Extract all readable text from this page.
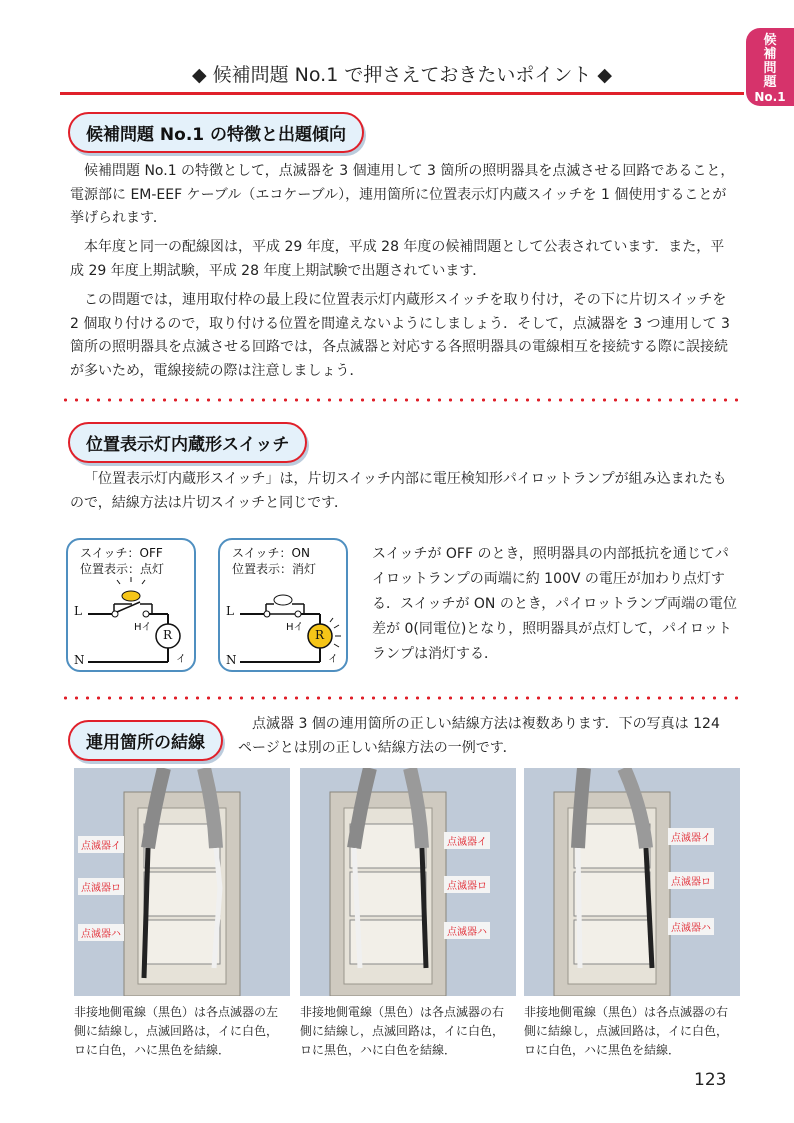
候
補
問
題
No.1
◆ 候補問題 No.1 で押さえておきたいポイント ◆
候補問題 No.1 の特徴と出題傾向

候補問題 No.1 の特徴として，点滅器を 3 個連用して 3 箇所の照明器具を点滅させる回路であること，電源部に EM-EEF ケーブル（エコケーブル），連用箇所に位置表示灯内蔵スイッチを 1 個使用することが挙げられます．

本年度と同一の配線図は，平成 29 年度，平成 28 年度の候補問題として公表されています．また，平成 29 年度上期試験，平成 28 年度上期試験で出題されています．

この問題では，連用取付枠の最上段に位置表示灯内蔵形スイッチを取り付け，その下に片切スイッチを 2 個取り付けるので，取り付ける位置を間違えないようにしましょう．そして，点滅器を 3 つ連用して 3 箇所の照明器具を点滅させる回路では，各点滅器と対応する各照明器具の電線相互を接続する際に誤接続が多いため，電線接続の際は注意しましょう．

位置表示灯内蔵形スイッチ

「位置表示灯内蔵形スイッチ」は，片切スイッチ内部に電圧検知形パイロットランプが組み込まれたもので，結線方法は片切スイッチと同じです．

スイッチ：OFF
位置表示：点灯
L
N
Hイ
R
イ
スイッチ：ON
位置表示：消灯
L
N
Hイ
R
イ

スイッチが OFF のとき，照明器具の内部抵抗を通じてパイロットランプの両端に約 100V の電圧が加わり点灯する．スイッチが ON のとき，パイロットランプ両端の電位差が 0(同電位)となり，照明器具が点灯して，パイロットランプは消灯する．

連用箇所の結線

点滅器 3 個の連用箇所の正しい結線方法は複数あります．下の写真は 124 ページとは別の正しい結線方法の一例です．

点滅器イ
点滅器ロ
点滅器ハ

非接地側電線（黒色）は各点滅器の左側に結線し，点滅回路は，イに白色，ロに白色，ハに黒色を結線．

点滅器イ
点滅器ロ
点滅器ハ

非接地側電線（黒色）は各点滅器の右側に結線し，点滅回路は，イに白色，ロに黒色，ハに白色を結線．

点滅器イ
点滅器ロ
点滅器ハ

非接地側電線（黒色）は各点滅器の右側に結線し，点滅回路は，イに白色，ロに白色，ハに黒色を結線．

123
